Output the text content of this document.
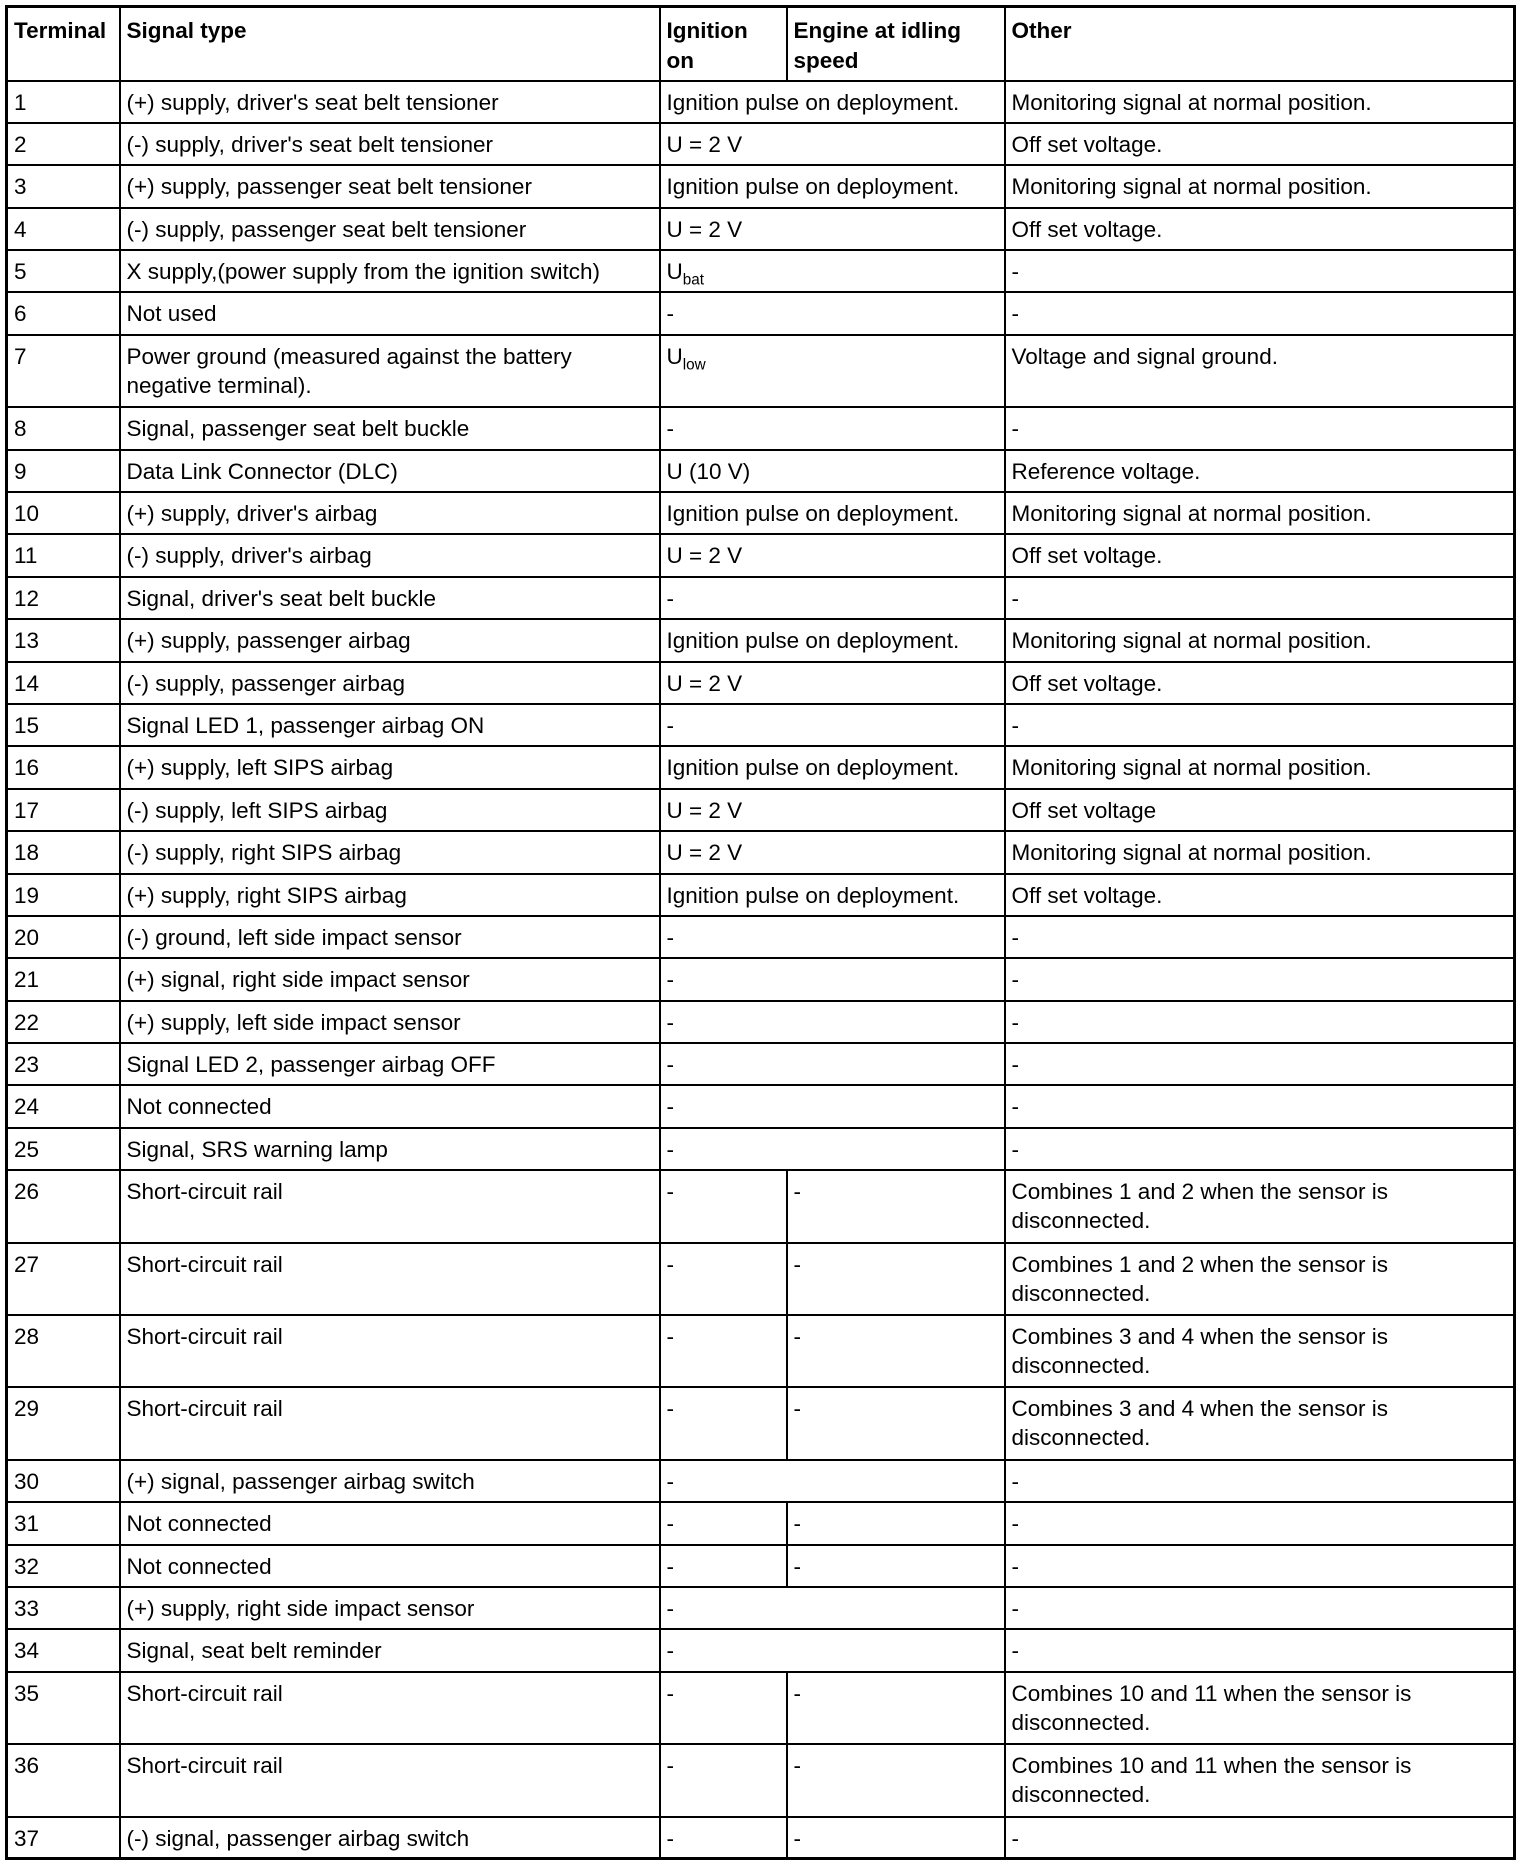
Terminal	Signal type	Ignition on	Engine at idling speed	Other
1	(+) supply, driver's seat belt tensioner	Ignition pulse on deployment.		Monitoring signal at normal position.
2	(-) supply, driver's seat belt tensioner	U = 2 V		Off set voltage.
3	(+) supply, passenger seat belt tensioner	Ignition pulse on deployment.		Monitoring signal at normal position.
4	(-) supply, passenger seat belt tensioner	U = 2 V		Off set voltage.
5	X supply,(power supply from the ignition switch)	$U_{bat}$		-
6	Not used	-		-
7	Power ground (measured against the battery negative terminal).	$U_{low}$		Voltage and signal ground.
8	Signal, passenger seat belt buckle	-		-
9	Data Link Connector (DLC)	U (10 V)		Reference voltage.
10	(+) supply, driver's airbag	Ignition pulse on deployment.		Monitoring signal at normal position.
11	(-) supply, driver's airbag	U = 2 V		Off set voltage.
12	Signal, driver's seat belt buckle	-		-
13	(+) supply, passenger airbag	Ignition pulse on deployment.		Monitoring signal at normal position.
14	(-) supply, passenger airbag	U = 2 V		Off set voltage.
15	Signal LED 1, passenger airbag ON	-		-
16	(+) supply, left SIPS airbag	Ignition pulse on deployment.		Monitoring signal at normal position.
17	(-) supply, left SIPS airbag	U = 2 V		Off set voltage
18	(-) supply, right SIPS airbag	U = 2 V		Monitoring signal at normal position.
19	(+) supply, right SIPS airbag	Ignition pulse on deployment.		Off set voltage.
20	(-) ground, left side impact sensor	-		-
21	(+) signal, right side impact sensor	-		-
22	(+) supply, left side impact sensor	-		-
23	Signal LED 2, passenger airbag OFF	-		-
24	Not connected	-		-
25	Signal, SRS warning lamp	-		-
26	Short-circuit rail	-	-	Combines 1 and 2 when the sensor is disconnected.
27	Short-circuit rail	-	-	Combines 1 and 2 when the sensor is disconnected.
28	Short-circuit rail	-	-	Combines 3 and 4 when the sensor is disconnected.
29	Short-circuit rail	-	-	Combines 3 and 4 when the sensor is disconnected.
30	(+) signal, passenger airbag switch	-		-
31	Not connected	-	-	-
32	Not connected	-	-	-
33	(+) supply, right side impact sensor	-		-
34	Signal, seat belt reminder	-		-
35	Short-circuit rail	-	-	Combines 10 and 11 when the sensor is disconnected.
36	Short-circuit rail	-	-	Combines 10 and 11 when the sensor is disconnected.
37	(-) signal, passenger airbag switch	-	-	-
